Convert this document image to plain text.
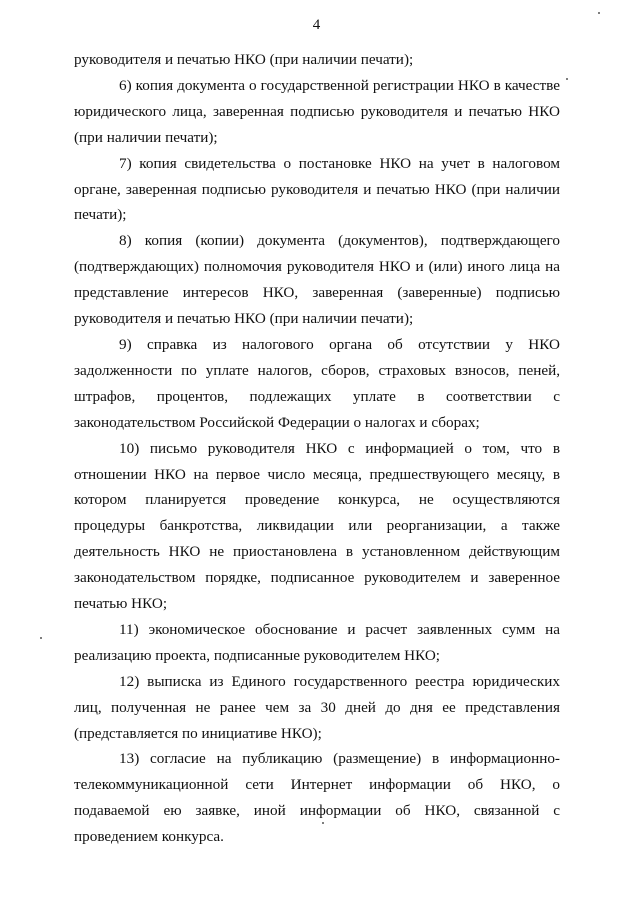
4

руководителя и печатью НКО (при наличии печати);

6) копия документа о государственной регистрации НКО в качестве юридического лица, заверенная подписью руководителя и печатью НКО (при наличии печати);

7) копия свидетельства о постановке НКО на учет в налоговом органе, заверенная подписью руководителя и печатью НКО (при наличии печати);

8) копия (копии) документа (документов), подтверждающего (подтверждающих) полномочия руководителя НКО и (или) иного лица на представление интересов НКО, заверенная (заверенные) подписью руководителя и печатью НКО (при наличии печати);

9) справка из налогового органа об отсутствии у НКО задолженности по уплате налогов, сборов, страховых взносов, пеней, штрафов, процентов, подлежащих уплате в соответствии с законодательством Российской Федерации о налогах и сборах;

10) письмо руководителя НКО с информацией о том, что в отношении НКО на первое число месяца, предшествующего месяцу, в котором планируется проведение конкурса, не осуществляются процедуры банкротства, ликвидации или реорганизации, а также деятельность НКО не приостановлена в установленном действующим законодательством порядке, подписанное руководителем и заверенное печатью НКО;

11) экономическое обоснование и расчет заявленных сумм на реализацию проекта, подписанные руководителем НКО;

12) выписка из Единого государственного реестра юридических лиц, полученная не ранее чем за 30 дней до дня ее представления (представляется по инициативе НКО);

13) согласие на публикацию (размещение) в информационно-телекоммуникационной сети Интернет информации об НКО, о подаваемой ею заявке, иной информации об НКО, связанной с проведением конкурса.
